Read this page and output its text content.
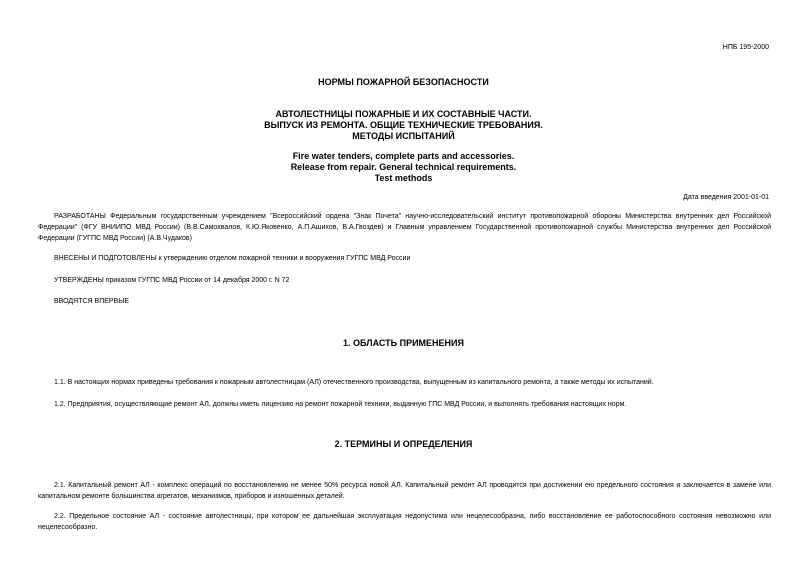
НПБ 195-2000
НОРМЫ ПОЖАРНОЙ БЕЗОПАСНОСТИ
АВТОЛЕСТНИЦЫ ПОЖАРНЫЕ И ИХ СОСТАВНЫЕ ЧАСТИ.
ВЫПУСК ИЗ РЕМОНТА. ОБЩИЕ ТЕХНИЧЕСКИЕ ТРЕБОВАНИЯ.
МЕТОДЫ ИСПЫТАНИЙ
Fire water tenders, complete parts and accessories.
Release from repair. General technical requirements.
Test methods
Дата введения 2001-01-01
РАЗРАБОТАНЫ Федеральным государственным учреждением "Всероссийский ордена "Знак Почета" научно-исследовательский институт противопожарной обороны Министерства внутренних дел Российской Федерации" (ФГУ ВНИИПО МВД России) (В.В.Самохвалов, К.Ю.Яковенко, А.П.Ашихов, В.А.Гвоздев) и Главным управлением Государственной противопожарной службы Министерства внутренних дел Российской Федерации (ГУГПС МВД России) (А.В.Чудаков)
ВНЕСЕНЫ И ПОДГОТОВЛЕНЫ к утверждению отделом пожарной техники и вооружения ГУГПС МВД России
УТВЕРЖДЕНЫ приказом ГУГПС МВД России от 14 декабря 2000 г. N 72
ВВОДЯТСЯ ВПЕРВЫЕ
1. ОБЛАСТЬ ПРИМЕНЕНИЯ
1.1. В настоящих нормах приведены требования к пожарным автолестницам (АЛ) отечественного производства, выпущенным из капитального ремонта, а также методы их испытаний.
1.2. Предприятия, осуществляющие ремонт АЛ, должны иметь лицензию на ремонт пожарной техники, выданную ГПС МВД России, и выполнять требования настоящих норм.
2. ТЕРМИНЫ И ОПРЕДЕЛЕНИЯ
2.1. Капитальный ремонт АЛ - комплекс операций по восстановлению не менее 50% ресурса новой АЛ. Капитальный ремонт АЛ проводится при достижении ею предельного состояния и заключается в замене или капитальном ремонте большинства агрегатов, механизмов, приборов и изношенных деталей.
2.2. Предельное состояние АЛ - состояние автолестницы, при котором ее дальнейшая эксплуатация недопустима или нецелесообразна, либо восстановление ее работоспособного состояния невозможно или нецелесообразно.
